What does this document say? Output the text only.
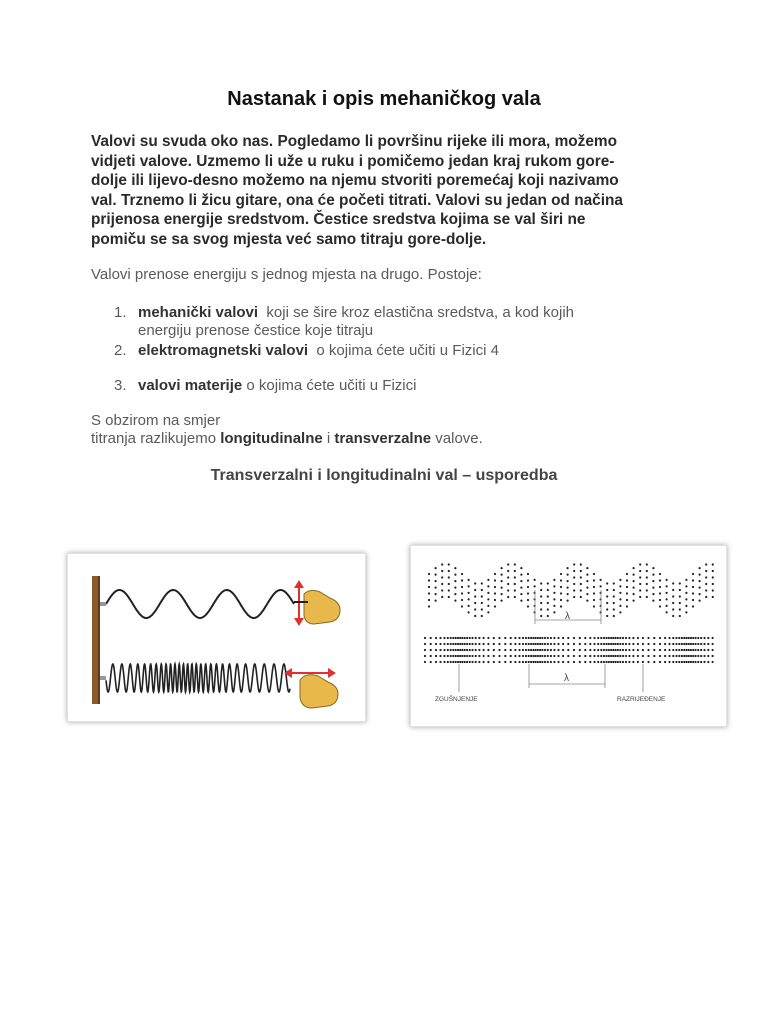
Nastanak i opis mehaničkog vala
Valovi su svuda oko nas. Pogledamo li površinu rijeke ili mora, možemo
vidjeti valove. Uzmemo li uže u ruku i pomičemo jedan kraj rukom gore-
dolje ili lijevo-desno možemo na njemu stvoriti poremećaj koji nazivamo
val. Trznemo li žicu gitare, ona će početi titrati. Valovi su jedan od načina
prijenosa energije sredstvom. Čestice sredstva kojima se val širi ne
pomiču se sa svog mjesta već samo titraju gore-dolje.
Valovi prenose energiju s jednog mjesta na drugo. Postoje:
1. mehanički valovi  koji se šire kroz elastična sredstva, a kod kojih
energiju prenose čestice koje titraju
2. elektromagnetski valovi  o kojima ćete učiti u Fizici 4
3. valovi materije o kojima ćete učiti u Fizici
S obzirom na smjer
titranja razlikujemo longitudinalne i transverzalne valove.
Transverzalni i longitudinalni val – usporedba
λ
λ
ZGUŠNJENJE	RAZRIJEĐENJE
